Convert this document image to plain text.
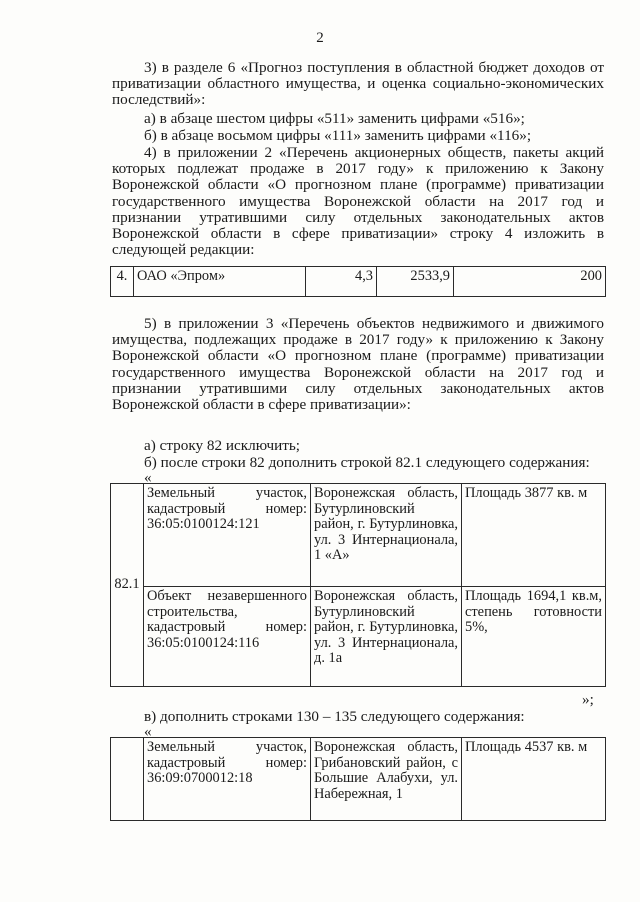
2
3) в разделе 6 «Прогноз поступления в областной бюджет доходов от приватизации областного имущества, и оценка социально-экономических последствий»:
а) в абзаце шестом цифры «511» заменить цифрами «516»;
б) в абзаце восьмом цифры «111» заменить цифрами «116»;
4) в приложении 2 «Перечень акционерных обществ, пакеты акций которых подлежат продаже в 2017 году» к приложению к Закону Воронежской области «О прогнозном плане (программе) приватизации государственного имущества Воронежской области на 2017 год и признании утратившими силу отдельных законодательных актов Воронежской области в сфере приватизации» строку 4 изложить в следующей редакции:
4.	ОАО «Эпром»	4,3	2533,9	200
5) в приложении 3 «Перечень объектов недвижимого и движимого имущества, подлежащих продаже в 2017 году» к приложению к Закону Воронежской области «О прогнозном плане (программе) приватизации государственного имущества Воронежской области на 2017 год и признании утратившими силу отдельных законодательных актов Воронежской области в сфере приватизации»:
а) строку 82 исключить;
б) после строки 82 дополнить строкой 82.1 следующего содержания:
«
82.1	Земельный участок, кадастровый номер: 36:05:0100124:121	Воронежская область, Бутурлиновский район, г. Бутурлиновка, ул. 3 Интернационала, 1 «А»	Площадь 3877 кв. м
	Объект незавершенного строительства, кадастровый номер: 36:05:0100124:116	Воронежская область, Бутурлиновский район, г. Бутурлиновка, ул. 3 Интернационала, д. 1а	Площадь 1694,1 кв.м, степень готовности 5%,
»;
в) дополнить строками 130 – 135 следующего содержания:
«
	Земельный участок, кадастровый номер: 36:09:0700012:18	Воронежская область, Грибановский район, с Большие Алабухи, ул. Набережная, 1	Площадь 4537 кв. м
